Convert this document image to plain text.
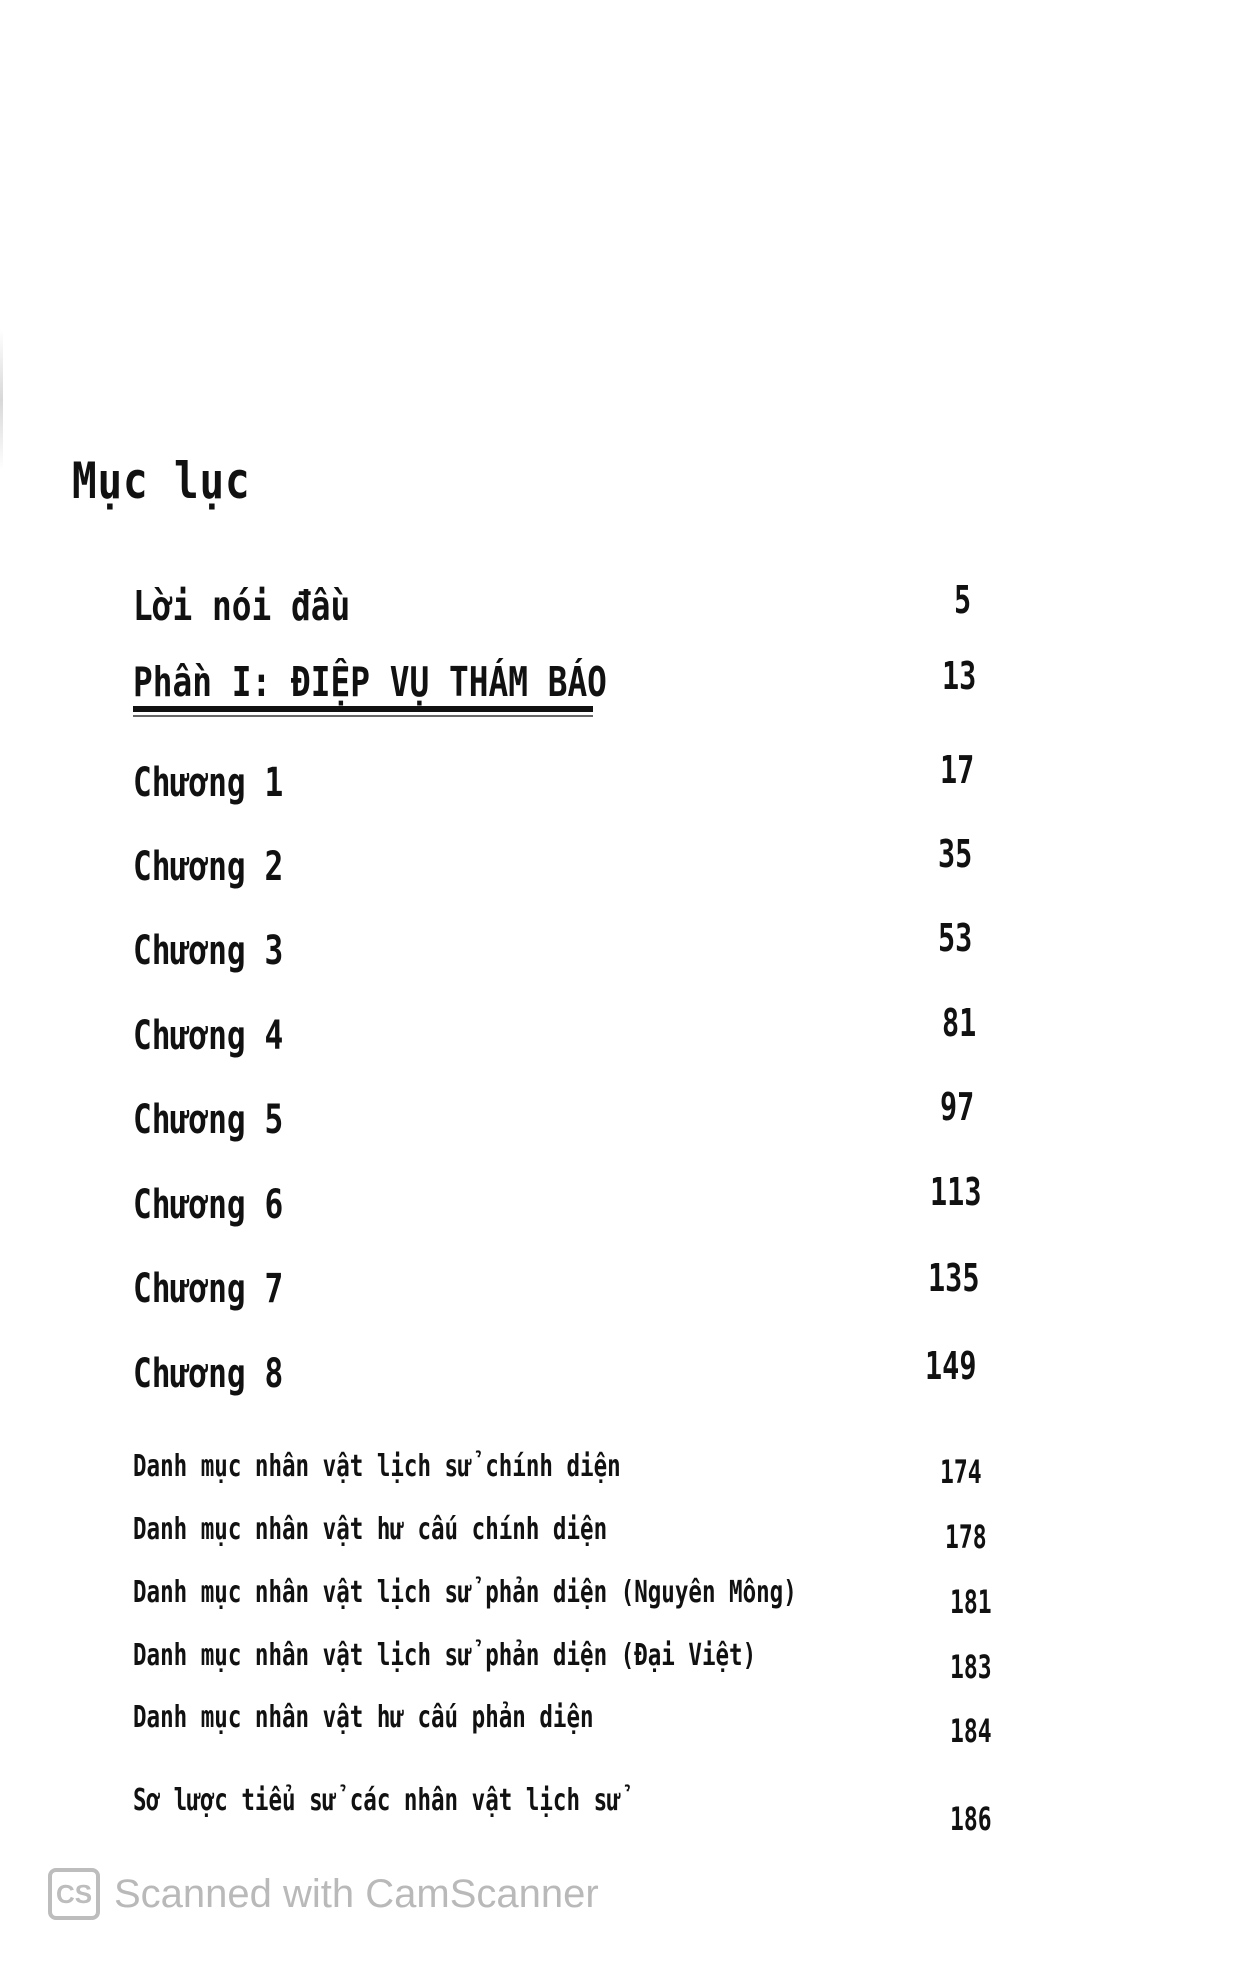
Mục lục
Lời nói đầu	5
Phần I: ĐIỆP VỤ THÁM BÁO	13
Chương 1	17
Chương 2	35
Chương 3	53
Chương 4	81
Chương 5	97
Chương 6	113
Chương 7	135
Chương 8	149
Danh mục nhân vật lịch sử chính diện	174
Danh mục nhân vật hư cấu chính diện	178
Danh mục nhân vật lịch sử phản diện (Nguyên Mông)	181
Danh mục nhân vật lịch sử phản diện (Đại Việt)	183
Danh mục nhân vật hư cấu phản diện	184
Sơ lược tiểu sử các nhân vật lịch sử	186
CS Scanned with CamScanner
